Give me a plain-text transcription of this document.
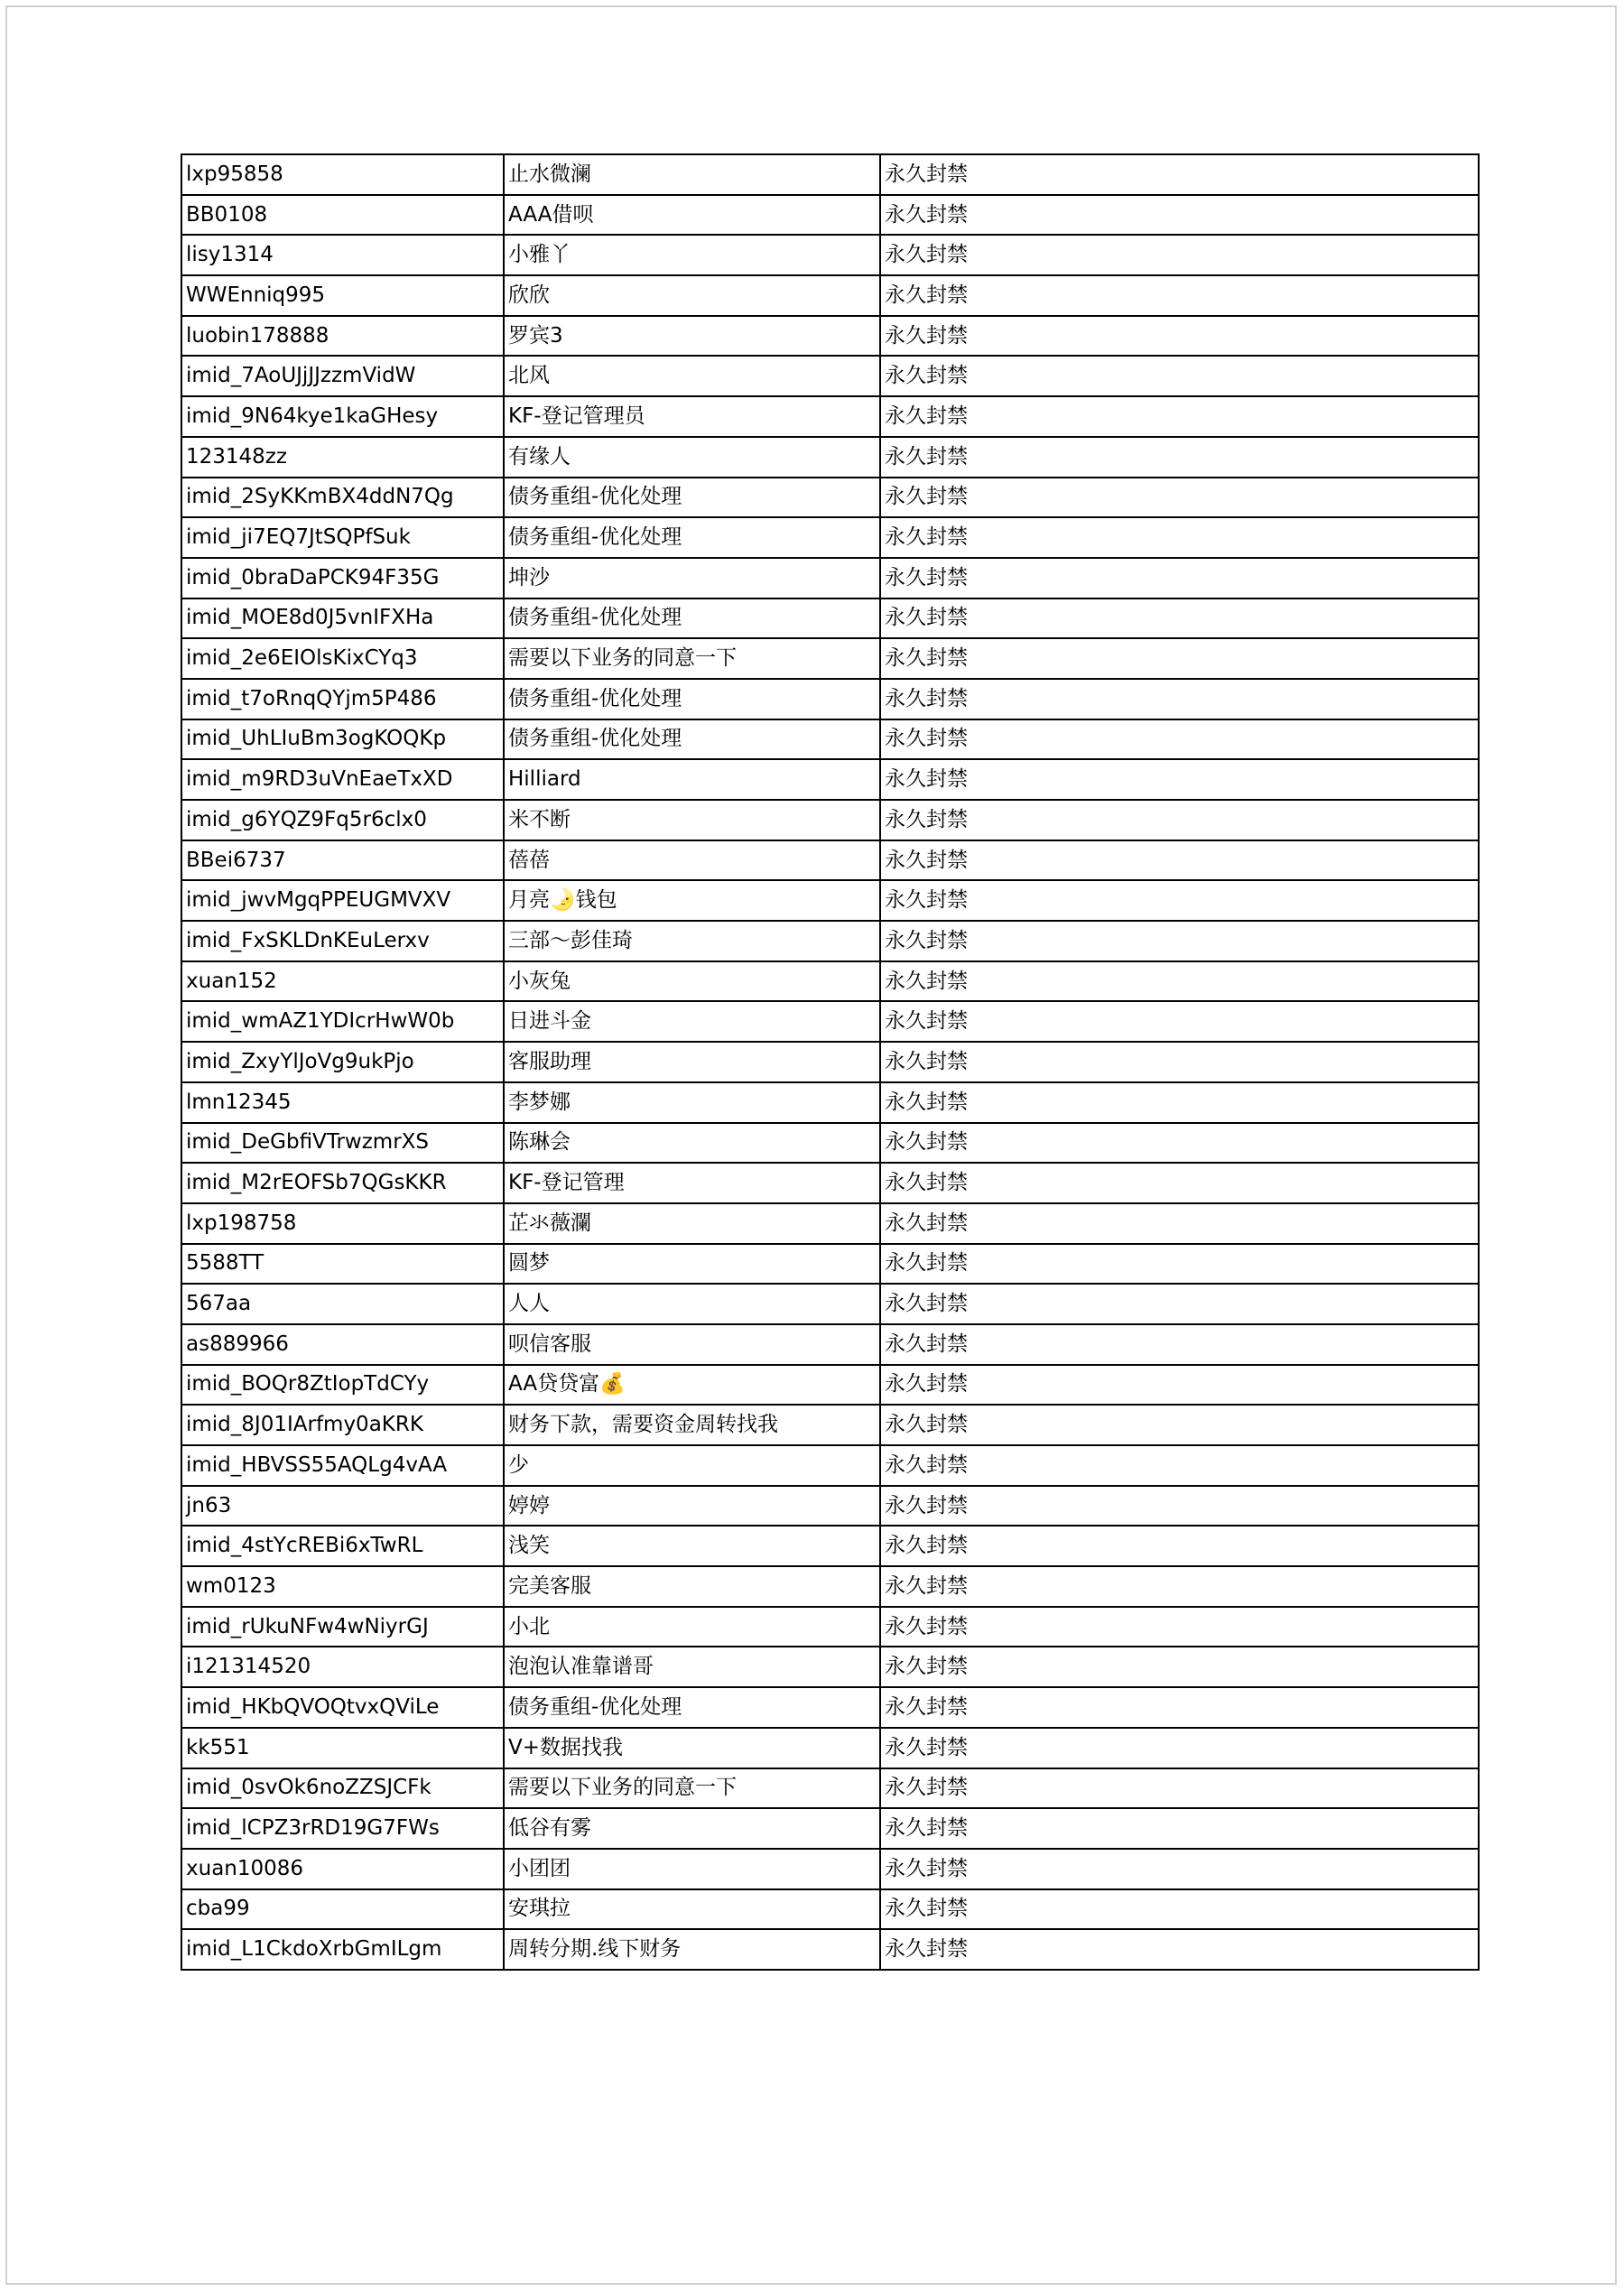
lxp95858	止水微澜	永久封禁
BB0108	AAA借呗	永久封禁
lisy1314	小雅丫	永久封禁
WWEnniq995	欣欣	永久封禁
luobin178888	罗宾3	永久封禁
imid_7AoUJjJJzzmVidW	北风	永久封禁
imid_9N64kye1kaGHesy	KF-登记管理员	永久封禁
123148zz	有缘人	永久封禁
imid_2SyKKmBX4ddN7Qg	债务重组-优化处理	永久封禁
imid_ji7EQ7JtSQPfSuk	债务重组-优化处理	永久封禁
imid_0braDaPCK94F35G	坤沙	永久封禁
imid_MOE8d0J5vnIFXHa	债务重组-优化处理	永久封禁
imid_2e6EIOlsKixCYq3	需要以下业务的同意一下	永久封禁
imid_t7oRnqQYjm5P486	债务重组-优化处理	永久封禁
imid_UhLIuBm3ogKOQKp	债务重组-优化处理	永久封禁
imid_m9RD3uVnEaeTxXD	Hilliard	永久封禁
imid_g6YQZ9Fq5r6clx0	米不断	永久封禁
BBei6737	蓓蓓	永久封禁
imid_jwvMgqPPEUGMVXV	月亮🌛钱包	永久封禁
imid_FxSKLDnKEuLerxv	三部～彭佳琦	永久封禁
xuan152	小灰兔	永久封禁
imid_wmAZ1YDIcrHwW0b	日进斗金	永久封禁
imid_ZxyYlJoVg9ukPjo	客服助理	永久封禁
lmn12345	李梦娜	永久封禁
imid_DeGbfiVTrwzmrXS	陈琳会	永久封禁
imid_M2rEOFSb7QGsKKR	KF-登记管理	永久封禁
lxp198758	芷氺薇瀾	永久封禁
5588TT	圆梦	永久封禁
567aa	人人	永久封禁
as889966	呗信客服	永久封禁
imid_BOQr8ZtIopTdCYy	AA贷贷富💰	永久封禁
imid_8J01IArfmy0aKRK	财务下款，需要资金周转找我	永久封禁
imid_HBVSS55AQLg4vAA	少	永久封禁
jn63	婷婷	永久封禁
imid_4stYcREBi6xTwRL	浅笑	永久封禁
wm0123	完美客服	永久封禁
imid_rUkuNFw4wNiyrGJ	小北	永久封禁
i121314520	泡泡认准靠谱哥	永久封禁
imid_HKbQVOQtvxQViLe	债务重组-优化处理	永久封禁
kk551	V+数据找我	永久封禁
imid_0svOk6noZZSJCFk	需要以下业务的同意一下	永久封禁
imid_lCPZ3rRD19G7FWs	低谷有雾	永久封禁
xuan10086	小团团	永久封禁
cba99	安琪拉	永久封禁
imid_L1CkdoXrbGmILgm	周转分期.线下财务	永久封禁
